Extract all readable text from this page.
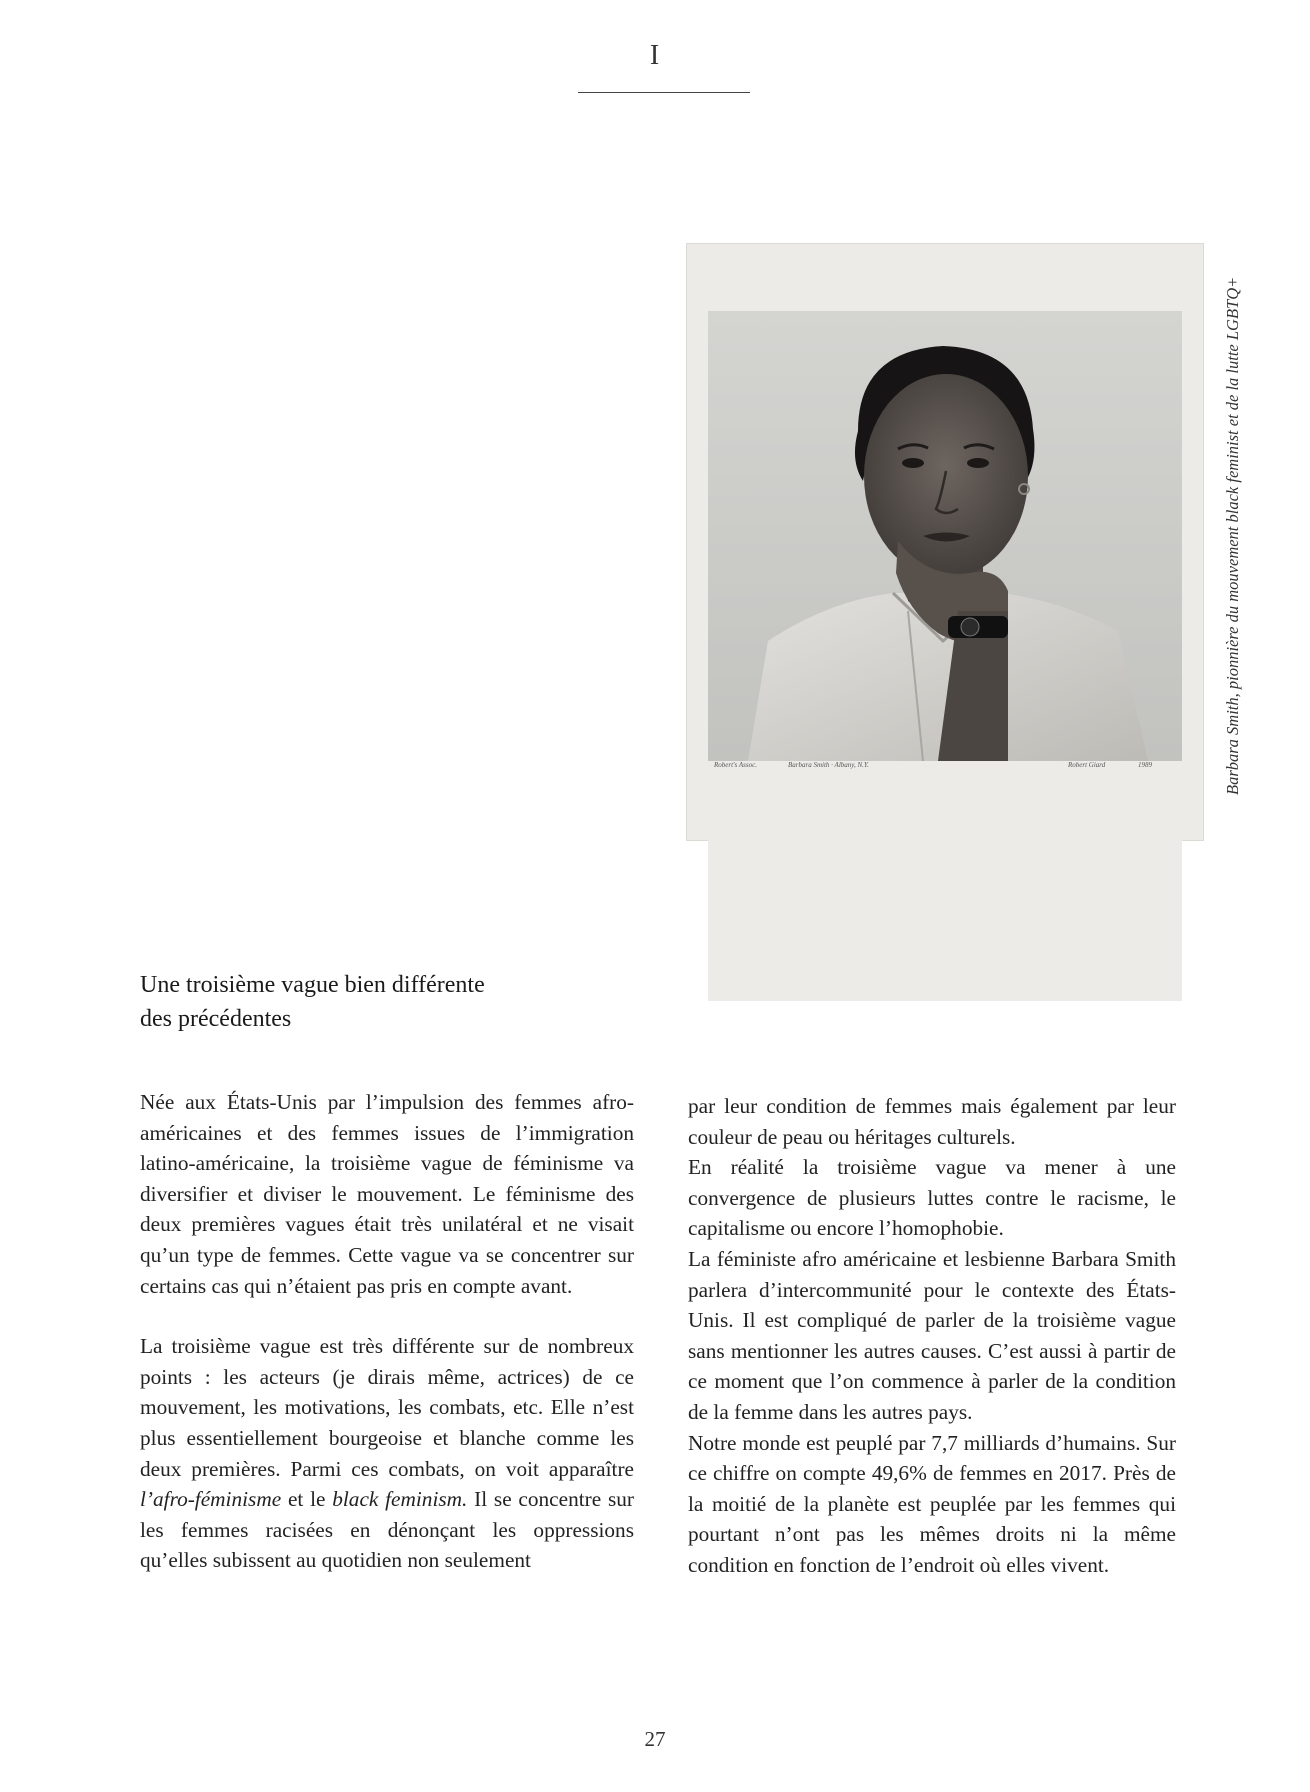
I
Robert's Assoc.	Barbara Smith · Albany, N.Y.	Robert Giard	1989	Barbara Smith, pionnière du mouvement black feminist et de la lutte LGBTQ+
Une troisième vague bien différente
des précédentes

Née aux États-Unis par l’impulsion des femmes afro-américaines et des femmes issues de l’immigration latino-américaine, la troisième vague de féminisme va diversifier et diviser le mouvement. Le féminisme des deux premières vagues était très unilatéral et ne visait qu’un type de femmes. Cette vague va se concentrer sur certains cas qui n’étaient pas pris en compte avant.

La troisième vague est très différente sur de nombreux points : les acteurs (je dirais même, actrices) de ce mouvement, les motivations, les combats, etc. Elle n’est plus essentiellement bourgeoise et blanche comme les deux premières. Parmi ces combats, on voit apparaître l’afro-féminisme et le black feminism. Il se concentre sur les femmes racisées en dénonçant les oppressions qu’elles subissent au quotidien non seulement

par leur condition de femmes mais également par leur couleur de peau ou héritages culturels.

En réalité la troisième vague va mener à une convergence de plusieurs luttes contre le racisme, le capitalisme ou encore l’homophobie.

La féministe afro américaine et lesbienne Barbara Smith parlera d’intercommunité pour le contexte des États-Unis. Il est compliqué de parler de la troisième vague sans mentionner les autres causes. C’est aussi à partir de ce moment que l’on commence à parler de la condition de la femme dans les autres pays.

Notre monde est peuplé par 7,7 milliards d’humains. Sur ce chiffre on compte 49,6% de femmes en 2017. Près de la moitié de la planète est peuplée par les femmes qui pourtant n’ont pas les mêmes droits ni la même condition en fonction de l’endroit où elles vivent.

27
